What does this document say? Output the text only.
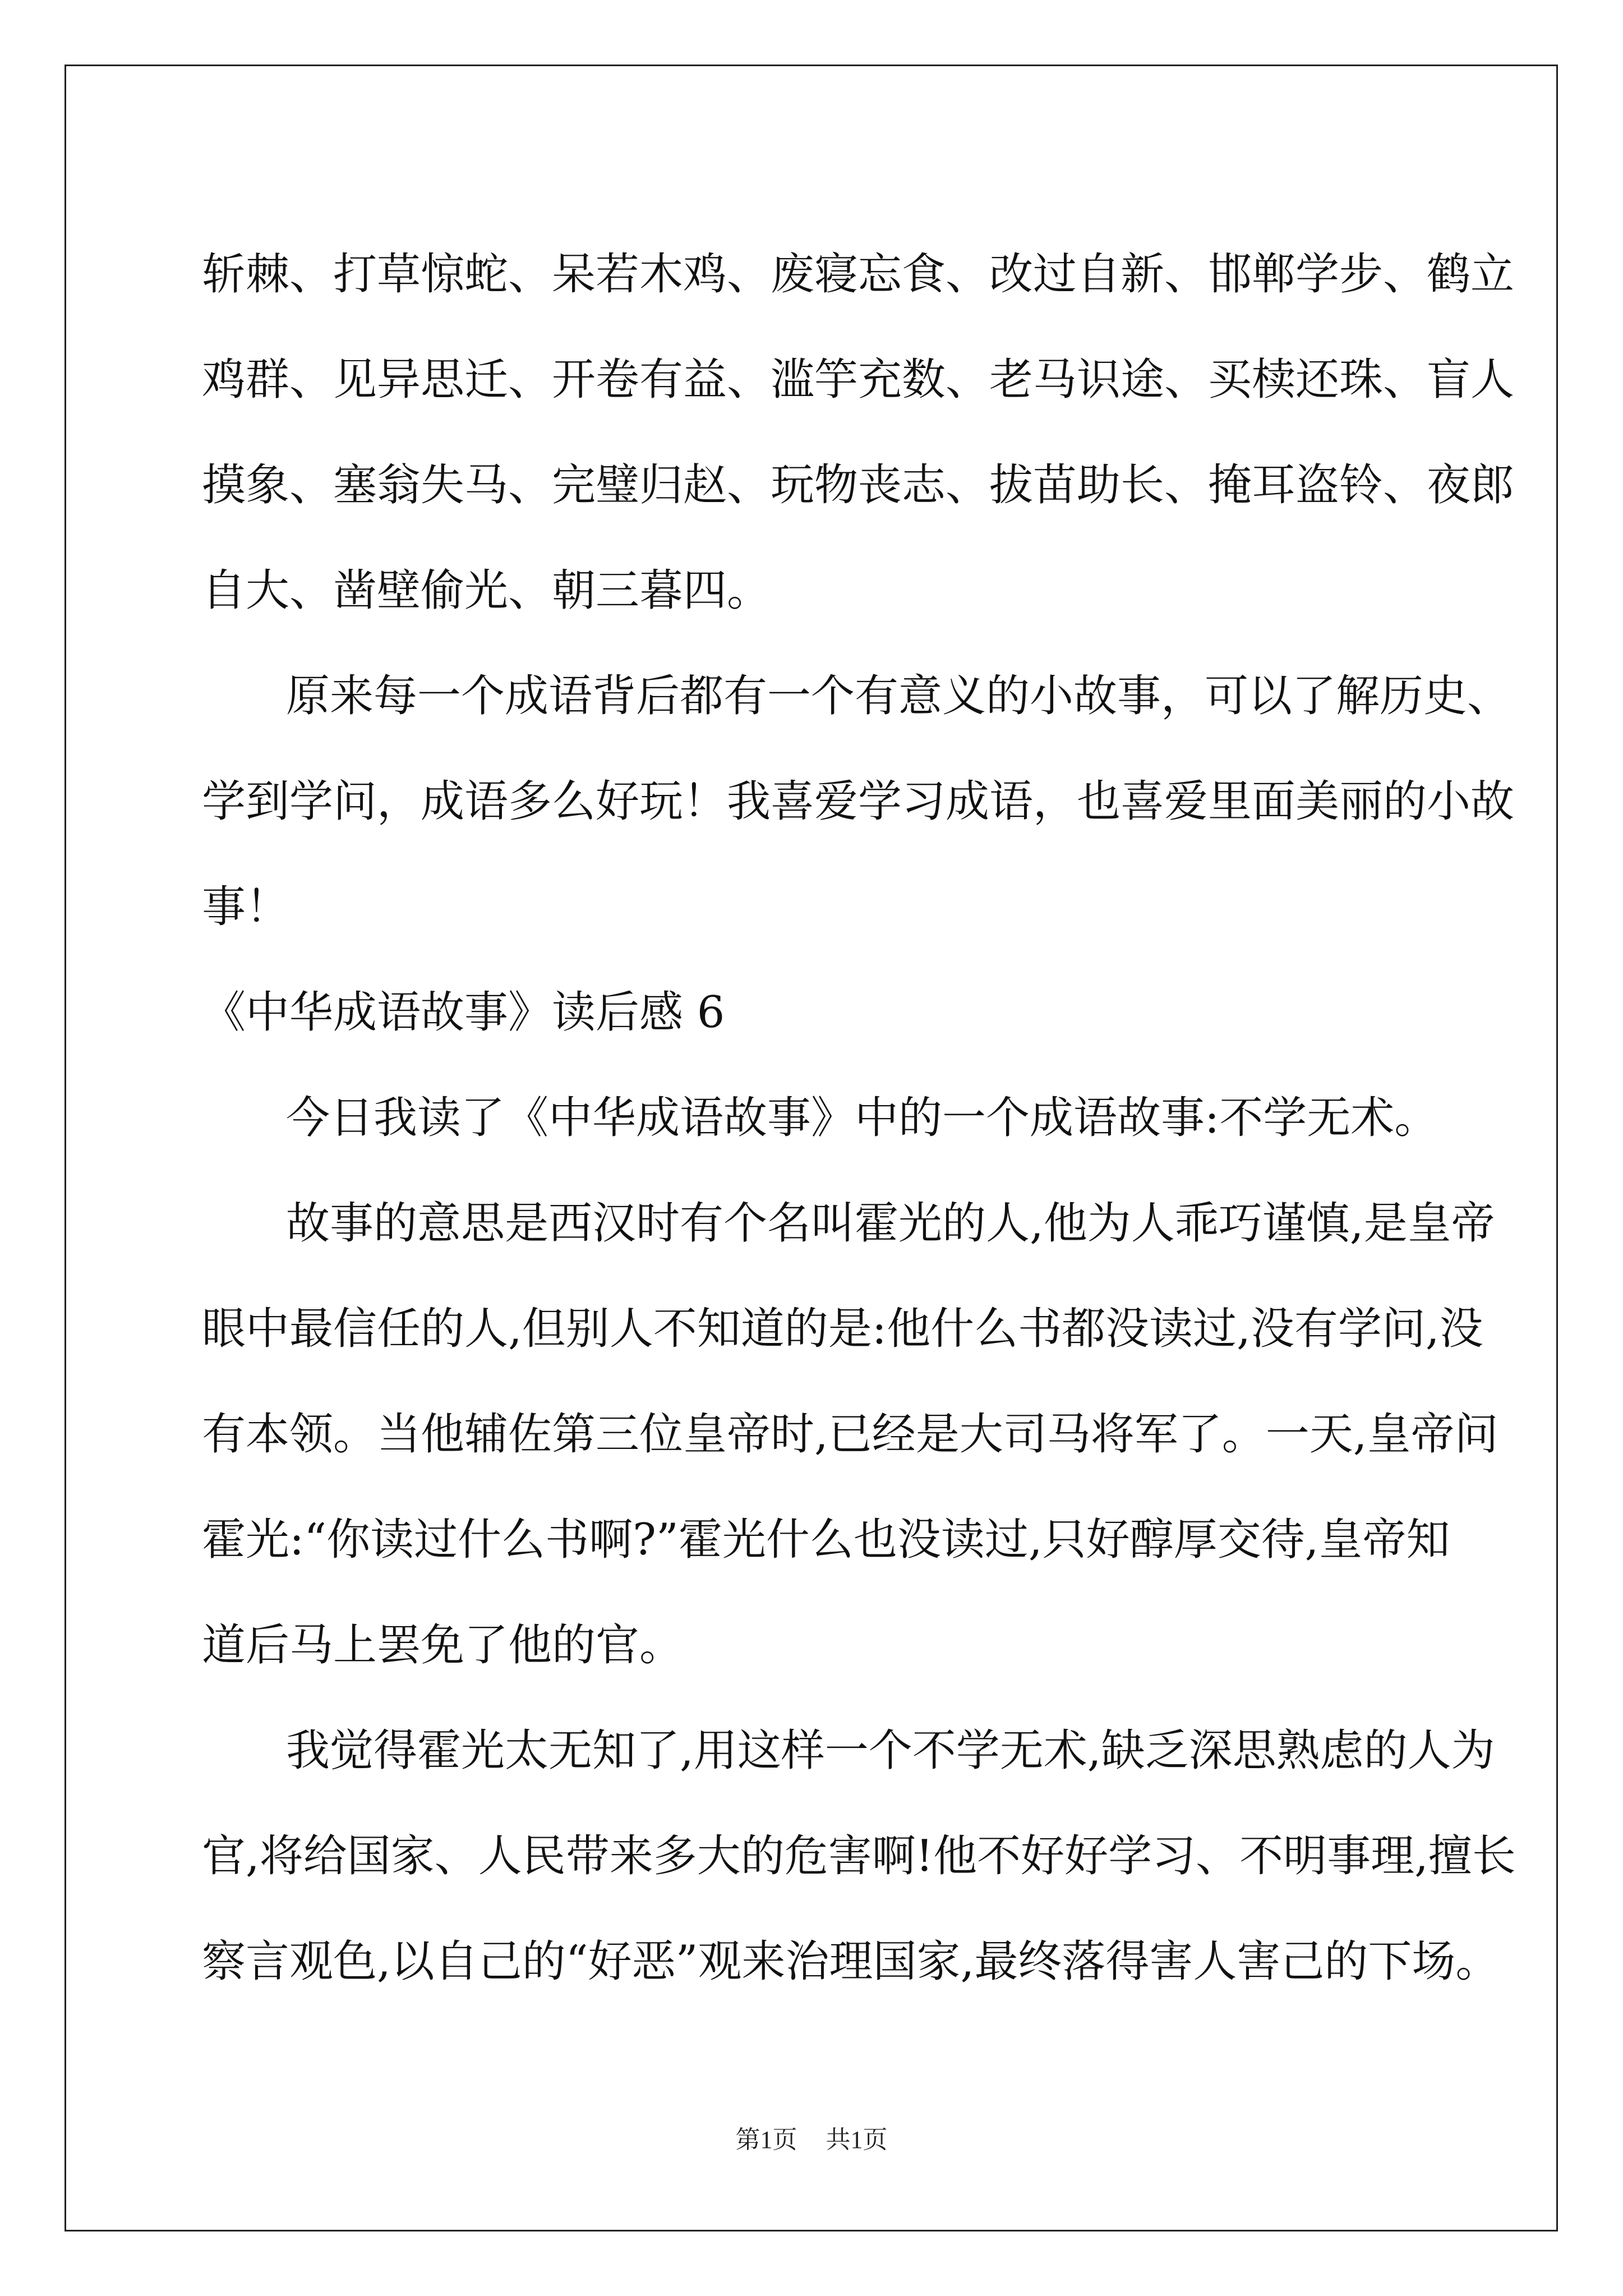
斩棘、打草惊蛇、呆若木鸡、废寝忘食、改过自新、邯郸学步、鹤立
鸡群、见异思迁、开卷有益、滥竽充数、老马识途、买椟还珠、盲人
摸象、塞翁失马、完璧归赵、玩物丧志、拔苗助长、掩耳盗铃、夜郎
自大、凿壁偷光、朝三暮四。
原来每一个成语背后都有一个有意义的小故事，可以了解历史、
学到学问，成语多么好玩！我喜爱学习成语，也喜爱里面美丽的小故
事！
《中华成语故事》读后感 6
今日我读了《中华成语故事》中的一个成语故事:不学无术。
故事的意思是西汉时有个名叫霍光的人,他为人乖巧谨慎,是皇帝
眼中最信任的人,但别人不知道的是:他什么书都没读过,没有学问,没
有本领。当他辅佐第三位皇帝时,已经是大司马将军了。一天,皇帝问
霍光:“你读过什么书啊?”霍光什么也没读过,只好醇厚交待,皇帝知
道后马上罢免了他的官。
我觉得霍光太无知了,用这样一个不学无术,缺乏深思熟虑的人为
官,将给国家、人民带来多大的危害啊!他不好好学习、不明事理,擅长
察言观色,以自己的“好恶”观来治理国家,最终落得害人害己的下场。
第1页 共1页
